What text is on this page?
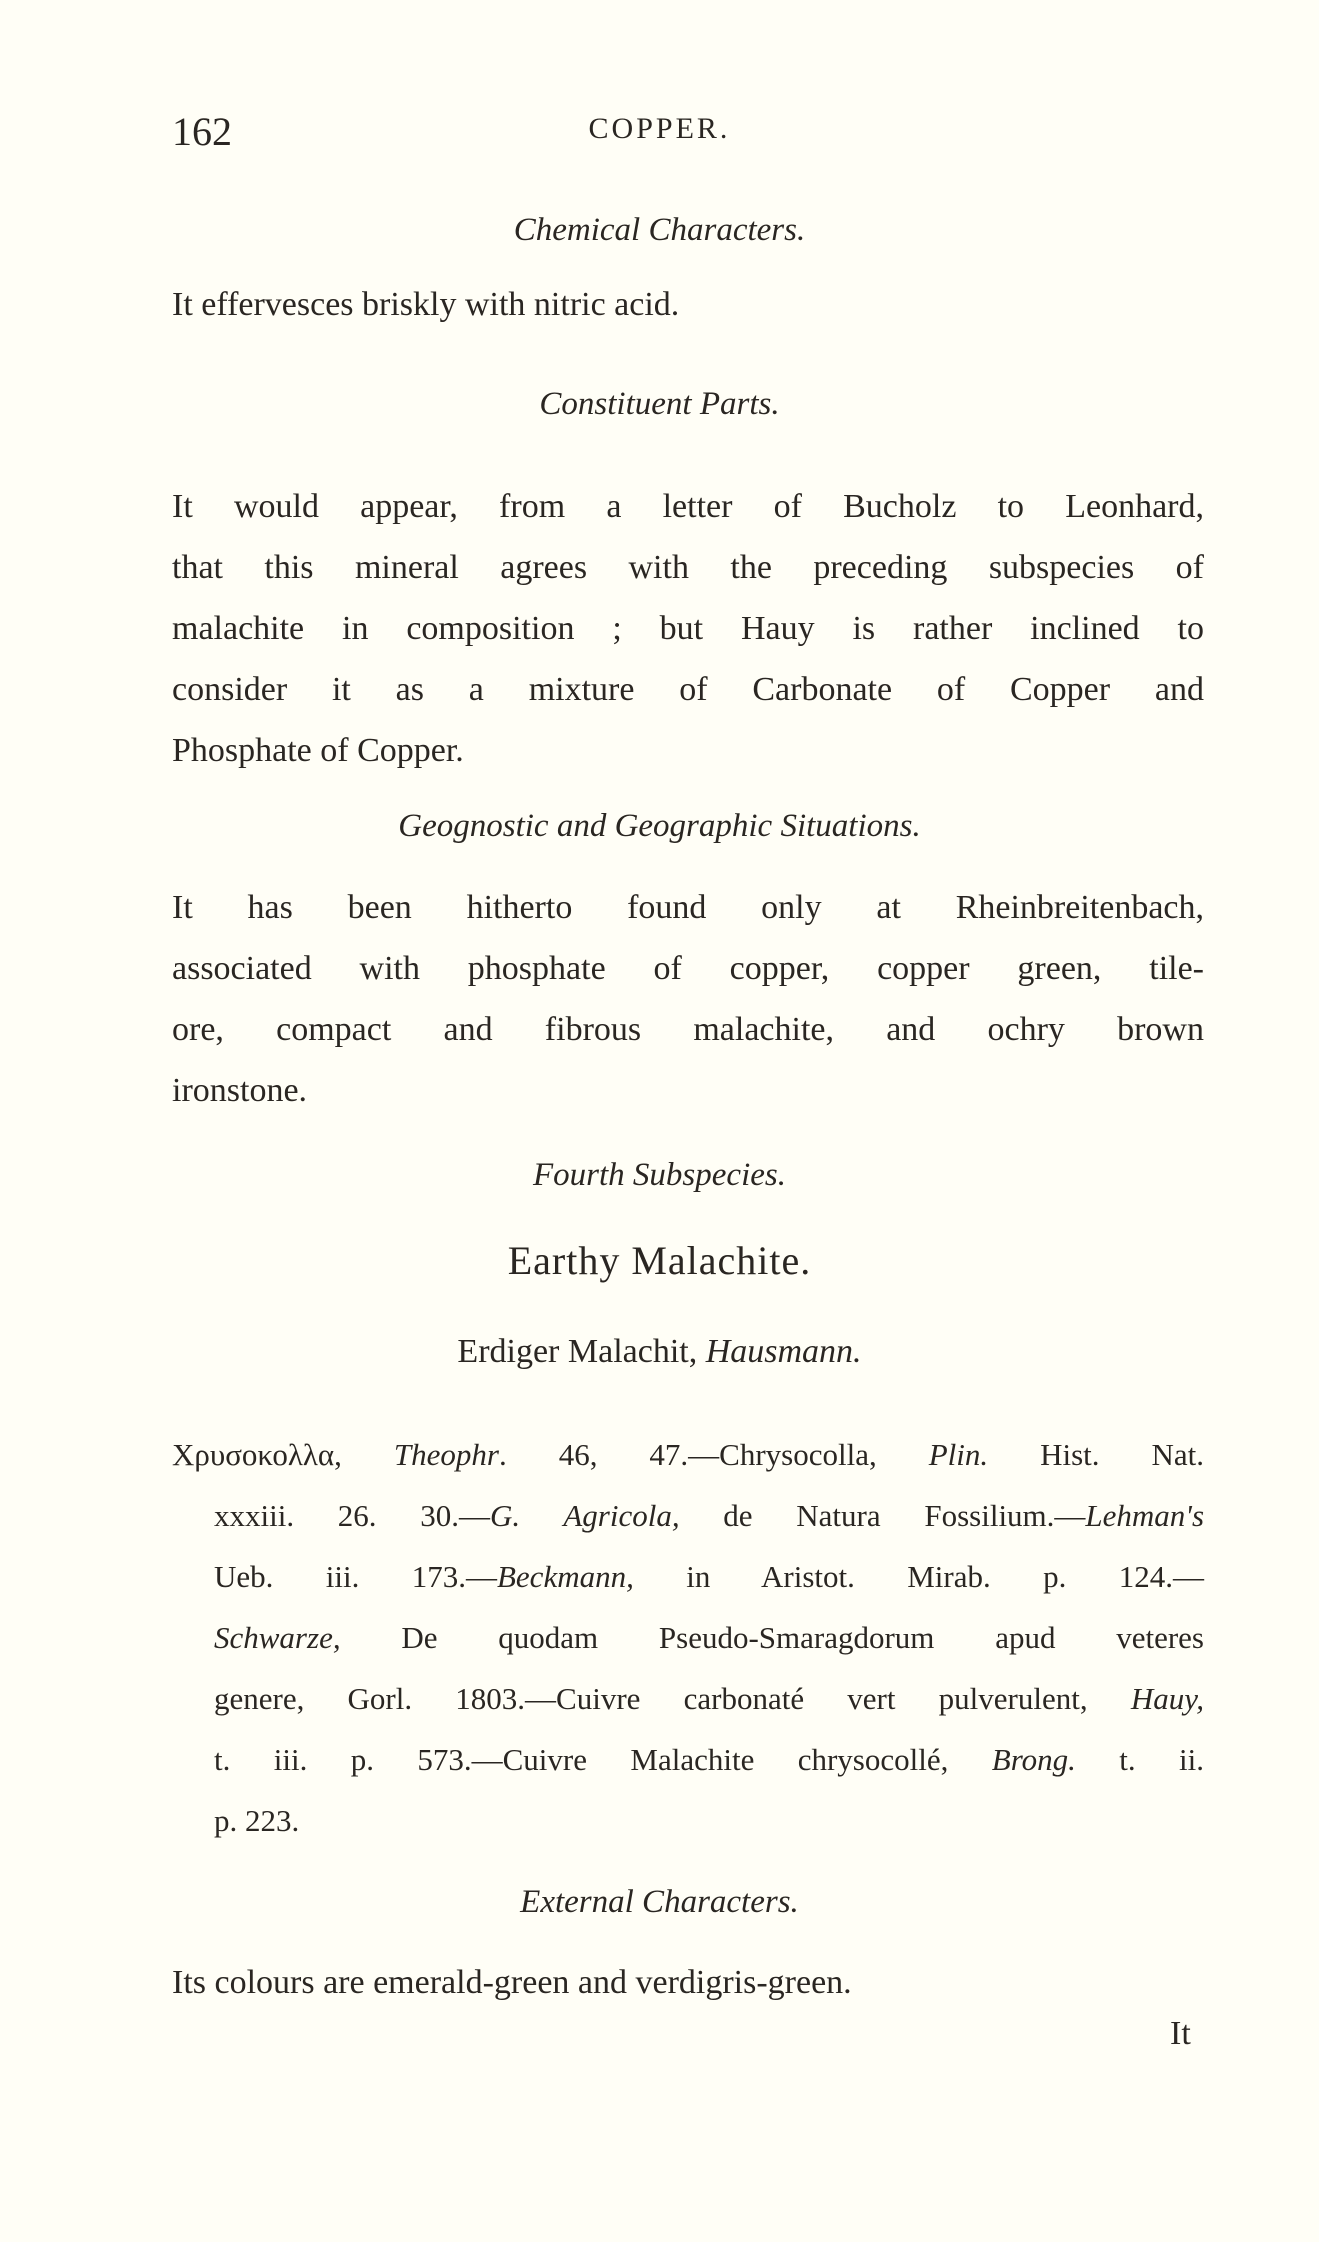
162	COPPER.
Chemical Characters.
It effervesces briskly with nitric acid.
Constituent Parts.
It would appear, from a letter of Bucholz to Leonhard,
that this mineral agrees with the preceding subspecies of
malachite in composition ; but Hauy is rather inclined to
consider it as a mixture of Carbonate of Copper and
Phosphate of Copper.
Geognostic and Geographic Situations.
It has been hitherto found only at Rheinbreitenbach,
associated with phosphate of copper, copper green, tile-
ore, compact and fibrous malachite, and ochry brown
ironstone.
Fourth Subspecies.
Earthy Malachite.
Erdiger Malachit, Hausmann.
Χρυσοκολλα, Theophr. 46, 47.—Chrysocolla, Plin. Hist. Nat.
xxxiii. 26. 30.—G. Agricola, de Natura Fossilium.—Lehman's
Ueb. iii. 173.—Beckmann, in Aristot. Mirab. p. 124.—
Schwarze, De quodam Pseudo-Smaragdorum apud veteres
genere, Gorl. 1803.—Cuivre carbonaté vert pulverulent, Hauy,
t. iii. p. 573.—Cuivre Malachite chrysocollé, Brong. t. ii.
p. 223.
External Characters.
Its colours are emerald-green and verdigris-green.
It
